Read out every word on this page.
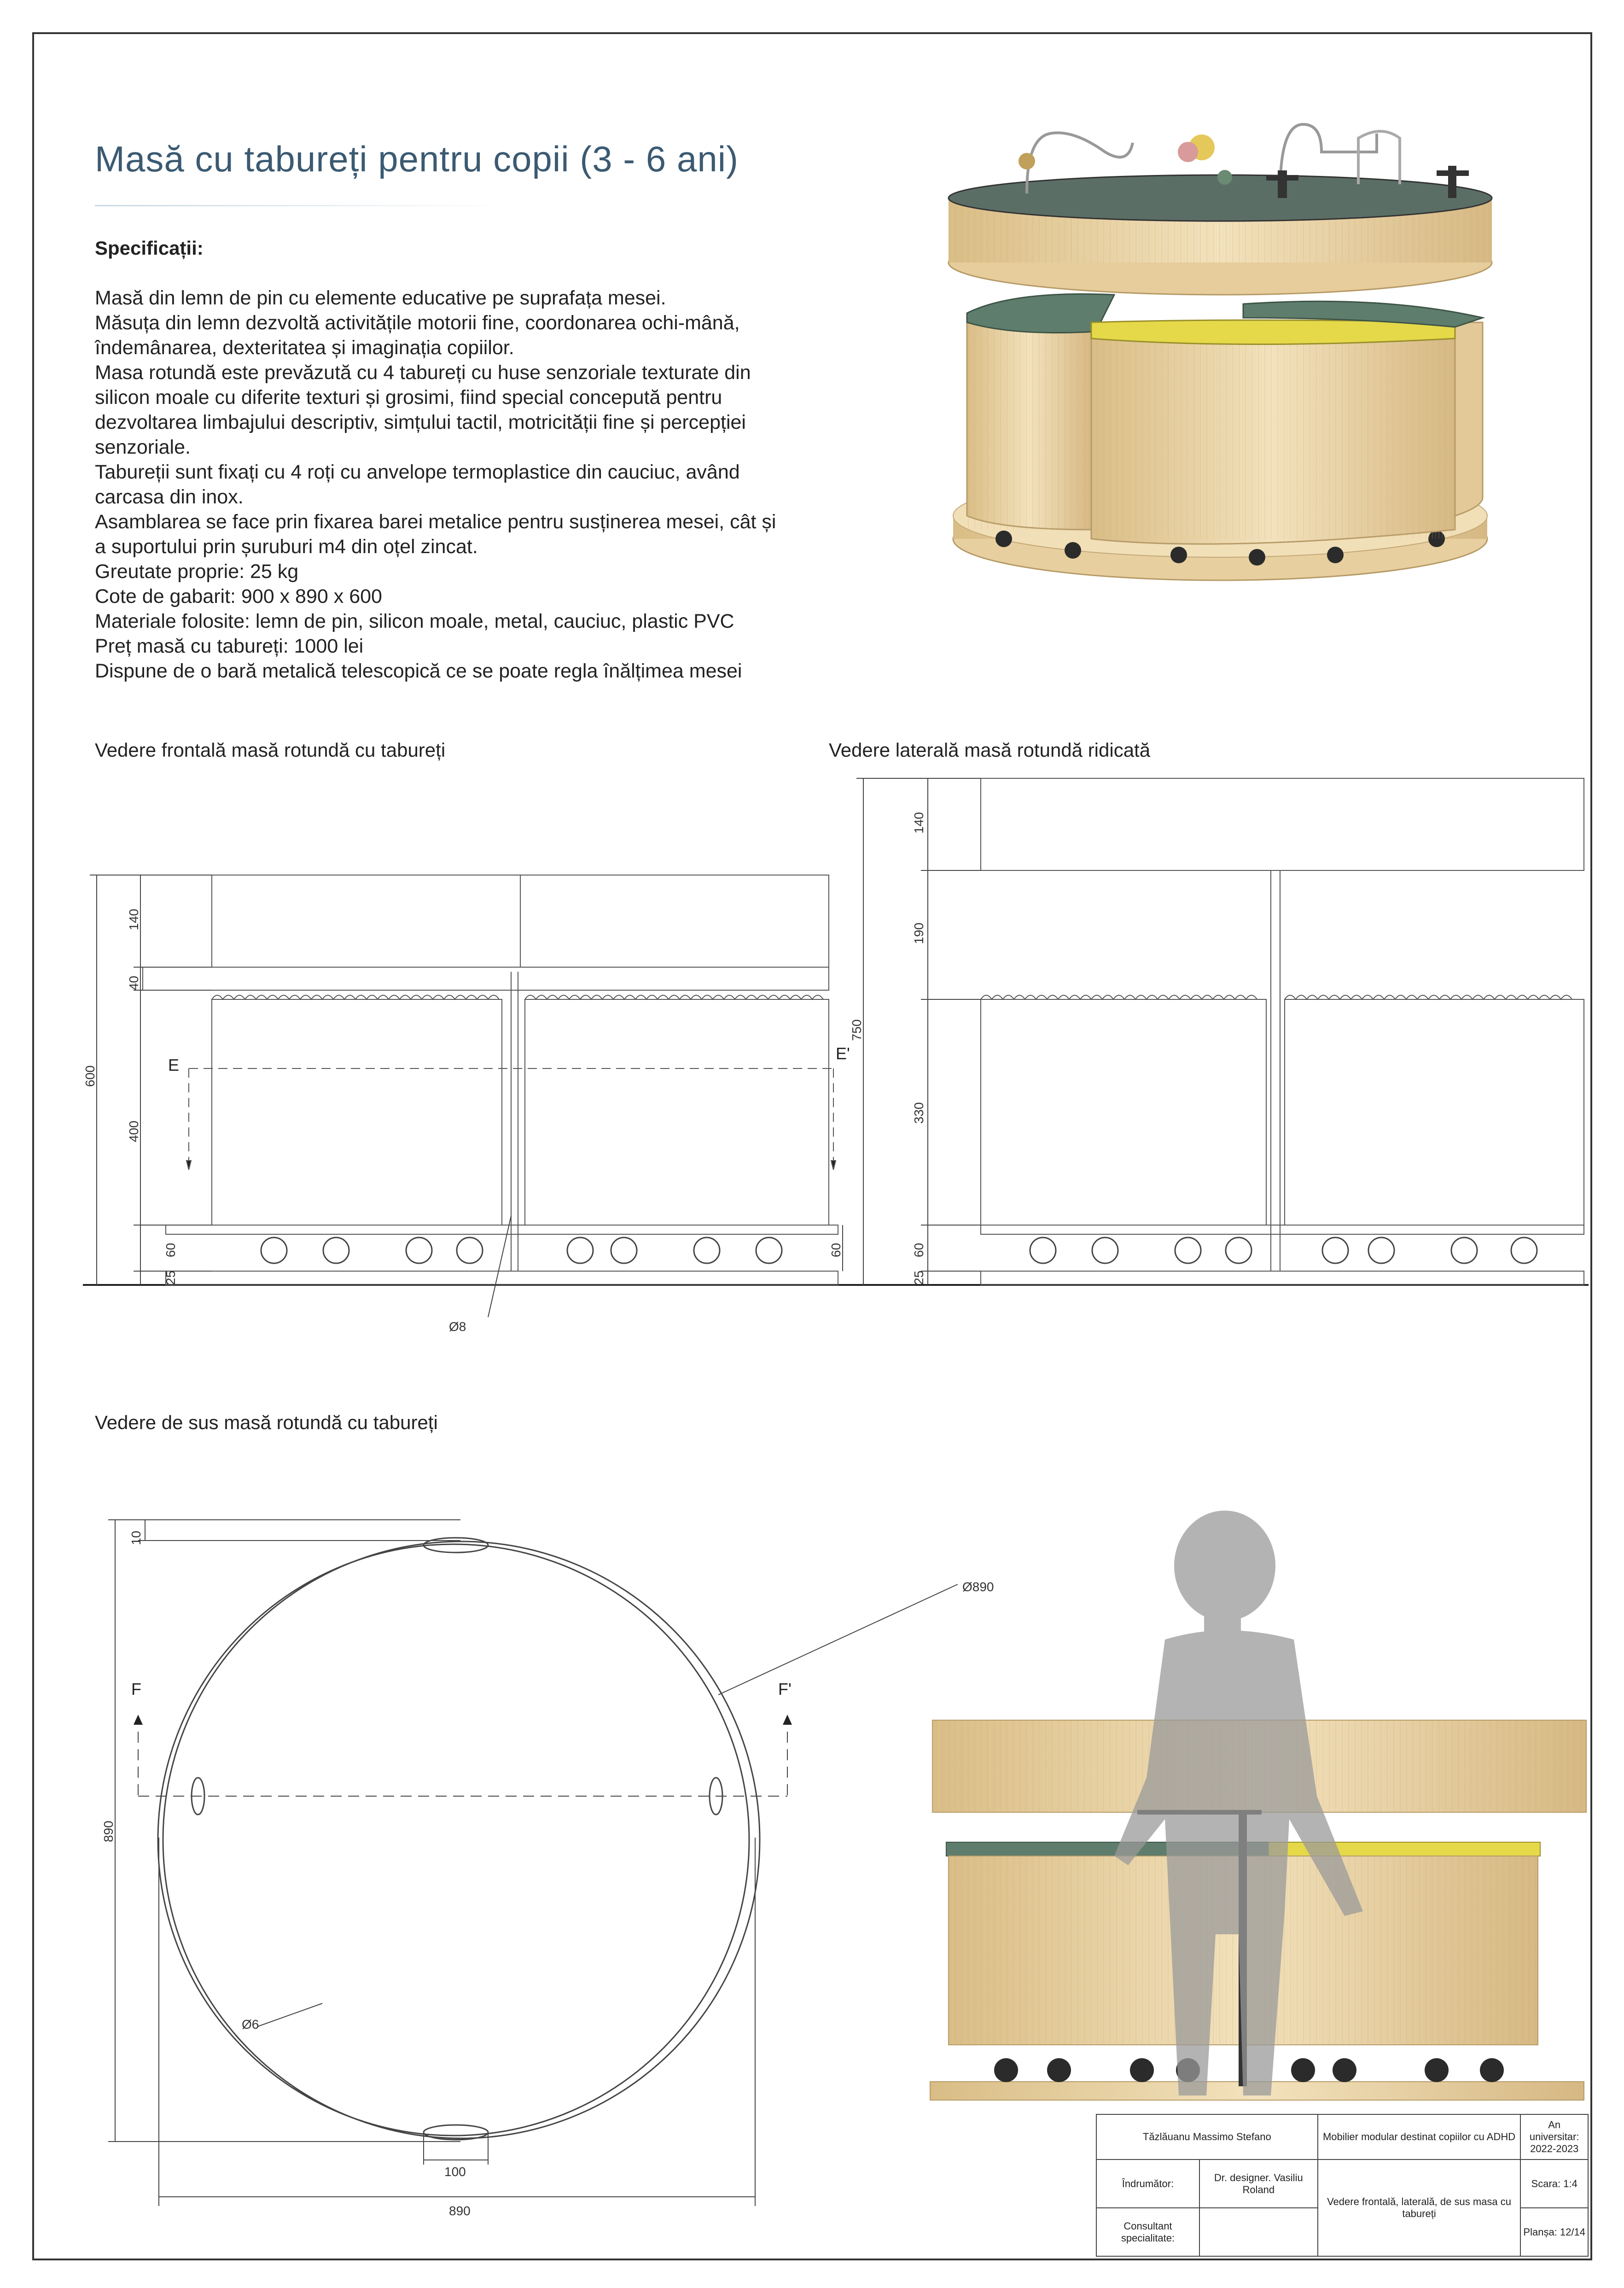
Masă cu tabureți pentru copii (3 - 6 ani)
Specificații:
Masă din lemn de pin cu elemente educative pe suprafața mesei.
Măsuța din lemn dezvoltă activitățile motorii fine, coordonarea ochi-mână,
îndemânarea, dexteritatea și imaginația copiilor.
Masa rotundă este prevăzută cu 4 tabureți cu huse senzoriale texturate din
silicon moale cu diferite texturi și grosimi, fiind special concepută pentru
dezvoltarea limbajului descriptiv, simțului tactil, motricității fine și percepției
senzoriale.
Tabureții sunt fixați cu 4 roți cu anvelope termoplastice din cauciuc, având
carcasa din inox.
Asamblarea se face prin fixarea barei metalice pentru susținerea mesei, cât și
a suportului prin șuruburi m4 din oțel zincat.
Greutate proprie: 25 kg
Cote de gabarit: 900 x 890 x 600
Materiale folosite: lemn de pin, silicon moale, metal, cauciuc, plastic PVC
Preț masă cu tabureți: 1000 lei
Dispune de o bară metalică telescopică ce se poate regla înălțimea mesei
Vedere frontală masă rotundă cu tabureți	Vedere laterală masă rotundă ridicată
Vedere de sus masă rotundă cu tabureți
600
140
40
400
60
25
60
E
E'
Ø8
750
140
190
330
60
25
10
890
100
890
Ø890
Ø6
F	F'
Tăzlăuanu Massimo Stefano		Mobilier modular destinat copiilor cu ADHD	An universitar:
2022-2023
Îndrumător:	Dr. designer. Vasiliu Roland	Vedere frontală, laterală, de sus masa cu tabureți	Scara: 1:4
Consultant specialitate:			Planșa: 12/14
